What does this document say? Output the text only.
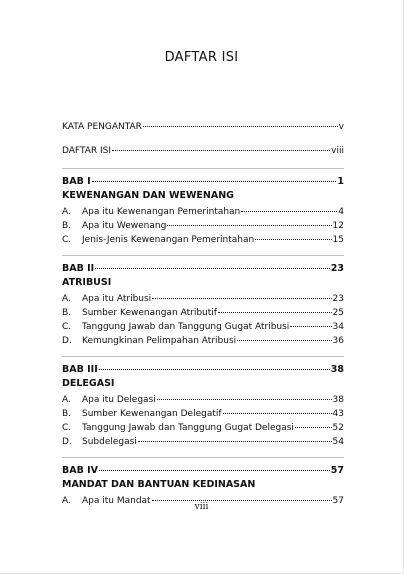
DAFTAR ISI
KATA PENGANTAR	v
DAFTAR ISI	viii
BAB I	1
KEWENANGAN DAN WEWENANG
A.	Apa itu Kewenangan Pemerintahan	4
B.	Apa itu Wewenang	12
C.	Jenis-Jenis Kewenangan Pemerintahan	15
BAB II	23
ATRIBUSI
A.	Apa itu Atribusi	23
B.	Sumber Kewenangan Atributif	25
C.	Tanggung Jawab dan Tanggung Gugat Atribusi	34
D.	Kemungkinan Pelimpahan Atribusi	36
BAB III	38
DELEGASI
A.	Apa itu Delegasi	38
B.	Sumber Kewenangan Delegatif	43
C.	Tanggung Jawab dan Tanggung Gugat Delegasi	52
D.	Subdelegasi	54
BAB IV	57
MANDAT DAN BANTUAN KEDINASAN
A.	Apa itu Mandat	57
viii
